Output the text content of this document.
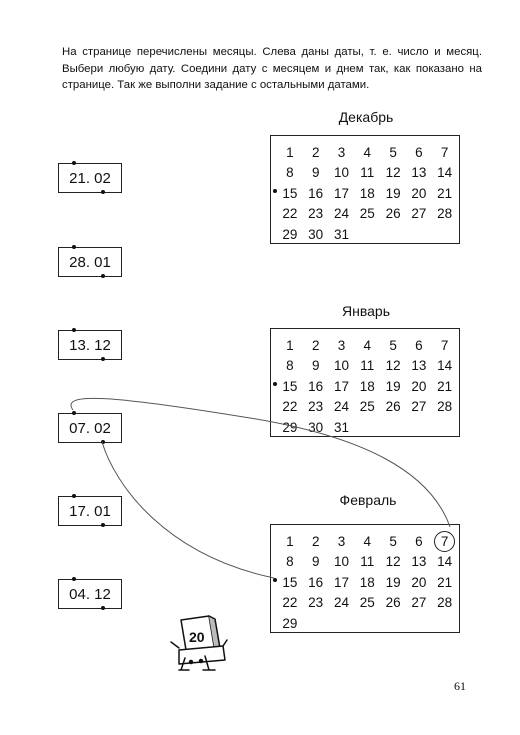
На странице перечислены месяцы. Слева даны даты, т. е. число и месяц. Выбери любую дату. Соедини дату с месяцем и днем так, как показано на странице. Так же выполни задание с остальными датами.
21. 02
28. 01
13. 12
07. 02
17. 01
04. 12
Декабрь
Январь
Февраль
1	2	3	4	5	6	7
8	9	10 11 12 13 14
15 16 17 18 19 20 21
22 23 24 25 26 27 28
29 30 31
1	2	3	4	5	6	7
8	9	10 11 12 13 14
15 16 17 18 19 20 21
22 23 24 25 26 27 28
29 30 31
1	2	3	4	5	6	7
8	9	10 11 12 13 14
15 16 17 18 19 20 21
22 23 24 25 26 27 28
29
20
61
